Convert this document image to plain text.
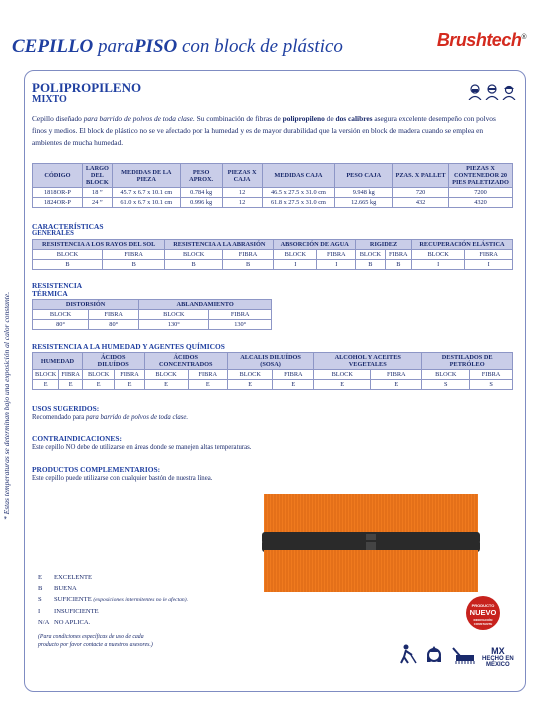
CEPILLO paraPISO con block de plástico	Brushtech®
* Estas temperaturas se determinan bajo una exposición al calor constante.
POLIPROPILENO
MIXTO
Cepillo diseñado para barrido de polvos de toda clase. Su combinación de fibras de polipropileno de dos calibres asegura excelente desempeño con polvos finos y medios. El block de plástico no se ve afectado por la humedad y es de mayor durabilidad que la versión en block de madera cuando se emplea en ambientes de mucha humedad.
CÓDIGO	LARGO DEL BLOCK	MEDIDAS DE LA PIEZA	PESO APROX.	PIEZAS X CAJA	MEDIDAS CAJA	PESO CAJA	PZAS. X PALLET	PIEZAS X CONTENEDOR 20 PIES PALETIZADO
1818OR-P	18 ”	45.7 x 6.7 x 10.1 cm	0.784 kg	12	46.5 x 27.5 x 31.0 cm	9.948 kg	720	7200
1824OR-P	24 ”	61.0 x 6.7 x 10.1 cm	0.996 kg	12	61.8 x 27.5 x 31.0 cm	12.665 kg	432	4320
CARACTERÍSTICAS
GENERALES
RESISTENCIA A LOS RAYOS DEL SOL		RESISTENCIA A LA ABRASIÓN		ABSORCIÓN DE AGUA		RIGIDEZ		RECUPERACIÓN ELÁSTICA	
BLOCK	FIBRA	BLOCK	FIBRA	BLOCK	FIBRA	BLOCK	FIBRA	BLOCK	FIBRA
B	B	B	B	I	I	B	B	I	I
RESISTENCIA
TÉRMICA
DISTORSIÓN		ABLANDAMIENTO	
BLOCK	FIBRA	BLOCK	FIBRA
80°	80°	130°	130°
RESISTENCIA A LA HUMEDAD Y AGENTES QUÍMICOS
HUMEDAD		ÁCIDOS DILUÍDOS		ÁCIDOS CONCENTRADOS		ALCALIS DILUÍDOS (SOSA)		ALCOHOL Y ACEITES VEGETALES		DESTILADOS DE PETRÓLEO	
BLOCK	FIBRA	BLOCK	FIBRA	BLOCK	FIBRA	BLOCK	FIBRA	BLOCK	FIBRA	BLOCK	FIBRA
E	E	E	E	E	E	E	E	E	E	S	S
USOS SUGERIDOS:
Recomendado para para barrido de polvos de toda clase.
CONTRAINDICACIONES:
Este cepillo NO debe de utilizarse en áreas donde se manejen altas temperaturas.
PRODUCTOS COMPLEMENTARIOS:
Este cepillo puede utilizarse con cualquier bastón de nuestra línea.
E EXCELENTE
B BUENA
S SUFICIENTE (exposiciones intermitentes no le afectan).
I INSUFICIENTE
N/A NO APLICA.
(Para condiciones específicas de uso de cada
producto por favor contacte a nuestros asesores.)
PRODUCTO
NUEVO
INNOVACIÓN CONSTANTE
MX
HECHO EN
MÉXICO
